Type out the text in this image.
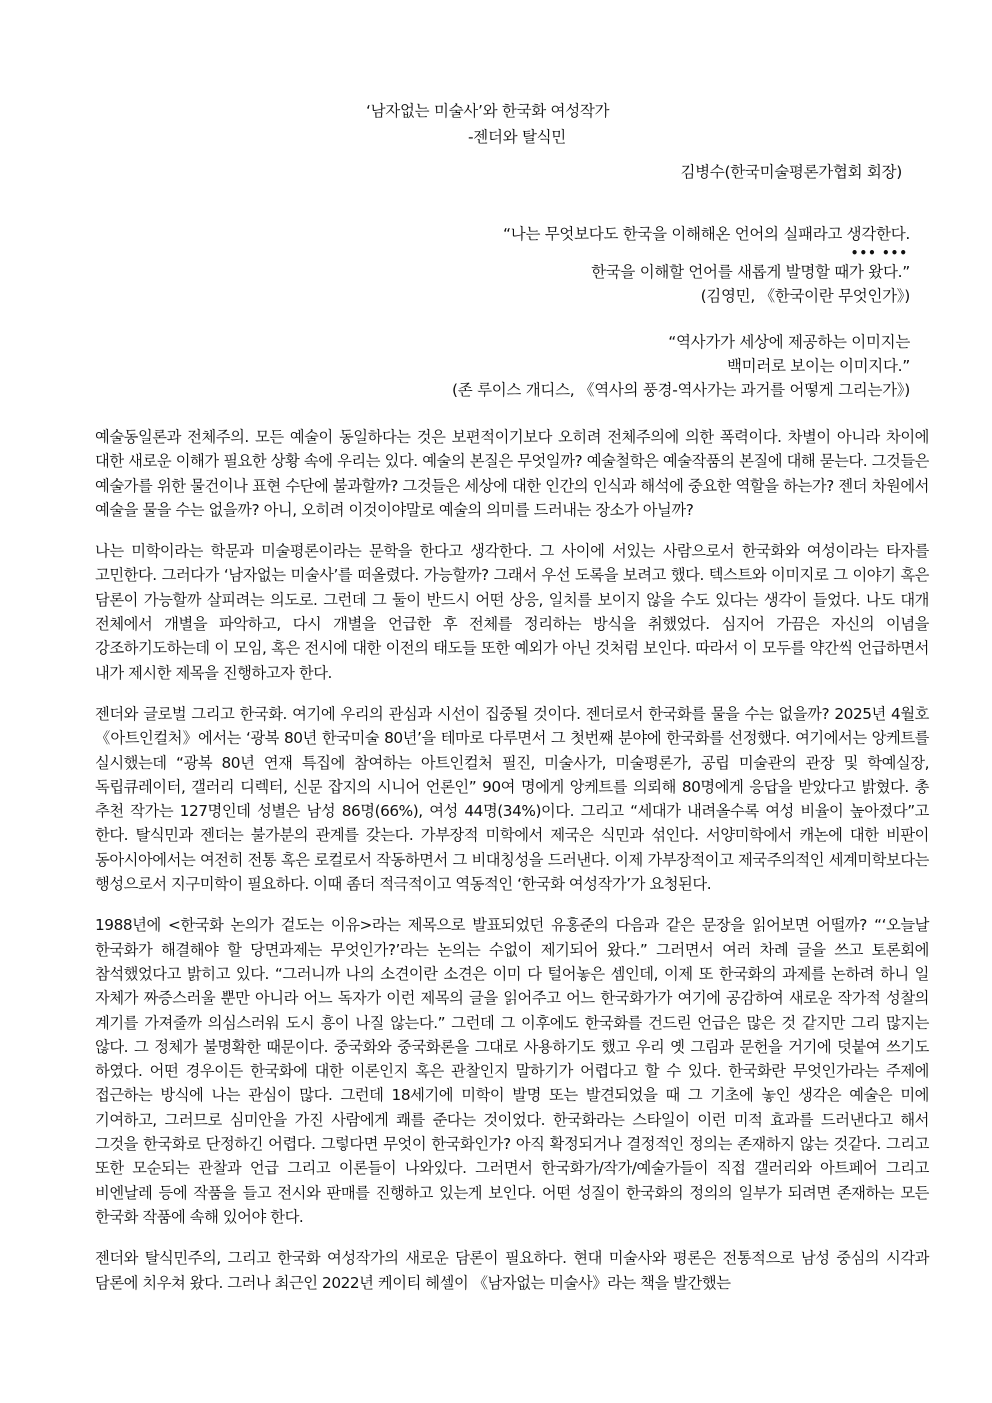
‘남자없는 미술사’와 한국화 여성작가
-젠더와 탈식민
김병수(한국미술평론가협회 회장)
“나는 무엇보다도 한국을 이해해온 언어의 실패라고 생각한다.
••• •••
한국을 이해할 언어를 새롭게 발명할 때가 왔다.”
(김영민, 《한국이란 무엇인가》)
“역사가가 세상에 제공하는 이미지는
백미러로 보이는 이미지다.”
(존 루이스 개디스, 《역사의 풍경-역사가는 과거를 어떻게 그리는가》)

예술동일론과 전체주의. 모든 예술이 동일하다는 것은 보편적이기보다 오히려 전체주의에 의한 폭력이다. 차별이 아니라 차이에 대한 새로운 이해가 필요한 상황 속에 우리는 있다. 예술의 본질은 무엇일까? 예술철학은 예술작품의 본질에 대해 묻는다. 그것들은 예술가를 위한 물건이나 표현 수단에 불과할까? 그것들은 세상에 대한 인간의 인식과 해석에 중요한 역할을 하는가? 젠더 차원에서 예술을 물을 수는 없을까? 아니, 오히려 이것이야말로 예술의 의미를 드러내는 장소가 아닐까?

나는 미학이라는 학문과 미술평론이라는 문학을 한다고 생각한다. 그 사이에 서있는 사람으로서 한국화와 여성이라는 타자를 고민한다. 그러다가 ‘남자없는 미술사’를 떠올렸다. 가능할까? 그래서 우선 도록을 보려고 했다. 텍스트와 이미지로 그 이야기 혹은 담론이 가능할까 살피려는 의도로. 그런데 그 둘이 반드시 어떤 상응, 일치를 보이지 않을 수도 있다는 생각이 들었다. 나도 대개 전체에서 개별을 파악하고, 다시 개별을 언급한 후 전체를 정리하는 방식을 취했었다. 심지어 가끔은 자신의 이념을 강조하기도하는데 이 모임, 혹은 전시에 대한 이전의 태도들 또한 예외가 아닌 것처럼 보인다. 따라서 이 모두를 약간씩 언급하면서 내가 제시한 제목을 진행하고자 한다.

젠더와 글로벌 그리고 한국화. 여기에 우리의 관심과 시선이 집중될 것이다. 젠더로서 한국화를 물을 수는 없을까? 2025년 4월호 《아트인컬처》에서는 ‘광복 80년 한국미술 80년’을 테마로 다루면서 그 첫번째 분야에 한국화를 선정했다. 여기에서는 앙케트를 실시했는데 “광복 80년 연재 특집에 참여하는 아트인컬처 필진, 미술사가, 미술평론가, 공립 미술관의 관장 및 학예실장, 독립큐레이터, 갤러리 디렉터, 신문 잡지의 시니어 언론인” 90여 명에게 앙케트를 의뢰해 80명에게 응답을 받았다고 밝혔다. 총 추천 작가는 127명인데 성별은 남성 86명(66%), 여성 44명(34%)이다. 그리고 “세대가 내려올수록 여성 비율이 높아졌다”고 한다. 탈식민과 젠더는 불가분의 관계를 갖는다. 가부장적 미학에서 제국은 식민과 섞인다. 서양미학에서 캐논에 대한 비판이 동아시아에서는 여전히 전통 혹은 로컬로서 작동하면서 그 비대칭성을 드러낸다. 이제 가부장적이고 제국주의적인 세계미학보다는 행성으로서 지구미학이 필요하다. 이때 좀더 적극적이고 역동적인 ‘한국화 여성작가’가 요청된다.

1988년에 <한국화 논의가 겉도는 이유>라는 제목으로 발표되었던 유홍준의 다음과 같은 문장을 읽어보면 어떨까? “‘오늘날 한국화가 해결해야 할 당면과제는 무엇인가?’라는 논의는 수없이 제기되어 왔다.” 그러면서 여러 차례 글을 쓰고 토론회에 참석했었다고 밝히고 있다. “그러니까 나의 소견이란 소견은 이미 다 털어놓은 셈인데, 이제 또 한국화의 과제를 논하려 하니 일 자체가 짜증스러울 뿐만 아니라 어느 독자가 이런 제목의 글을 읽어주고 어느 한국화가가 여기에 공감하여 새로운 작가적 성찰의 계기를 가져줄까 의심스러워 도시 흥이 나질 않는다.” 그런데 그 이후에도 한국화를 건드린 언급은 많은 것 같지만 그리 많지는 않다. 그 정체가 불명확한 때문이다. 중국화와 중국화론을 그대로 사용하기도 했고 우리 옛 그림과 문헌을 거기에 덧붙여 쓰기도 하였다. 어떤 경우이든 한국화에 대한 이론인지 혹은 관찰인지 말하기가 어렵다고 할 수 있다. 한국화란 무엇인가라는 주제에 접근하는 방식에 나는 관심이 많다. 그런데 18세기에 미학이 발명 또는 발견되었을 때 그 기초에 놓인 생각은 예술은 미에 기여하고, 그러므로 심미안을 가진 사람에게 쾌를 준다는 것이었다. 한국화라는 스타일이 이런 미적 효과를 드러낸다고 해서 그것을 한국화로 단정하긴 어렵다. 그렇다면 무엇이 한국화인가? 아직 확정되거나 결정적인 정의는 존재하지 않는 것같다. 그리고 또한 모순되는 관찰과 언급 그리고 이론들이 나와있다. 그러면서 한국화가/작가/예술가들이 직접 갤러리와 아트페어 그리고 비엔날레 등에 작품을 들고 전시와 판매를 진행하고 있는게 보인다. 어떤 성질이 한국화의 정의의 일부가 되려면 존재하는 모든 한국화 작품에 속해 있어야 한다.

젠더와 탈식민주의, 그리고 한국화 여성작가의 새로운 담론이 필요하다. 현대 미술사와 평론은 전통적으로 남성 중심의 시각과 담론에 치우쳐 왔다. 그러나 최근인 2022년 케이티 헤셀이 《남자없는 미술사》라는 책을 발간했는
